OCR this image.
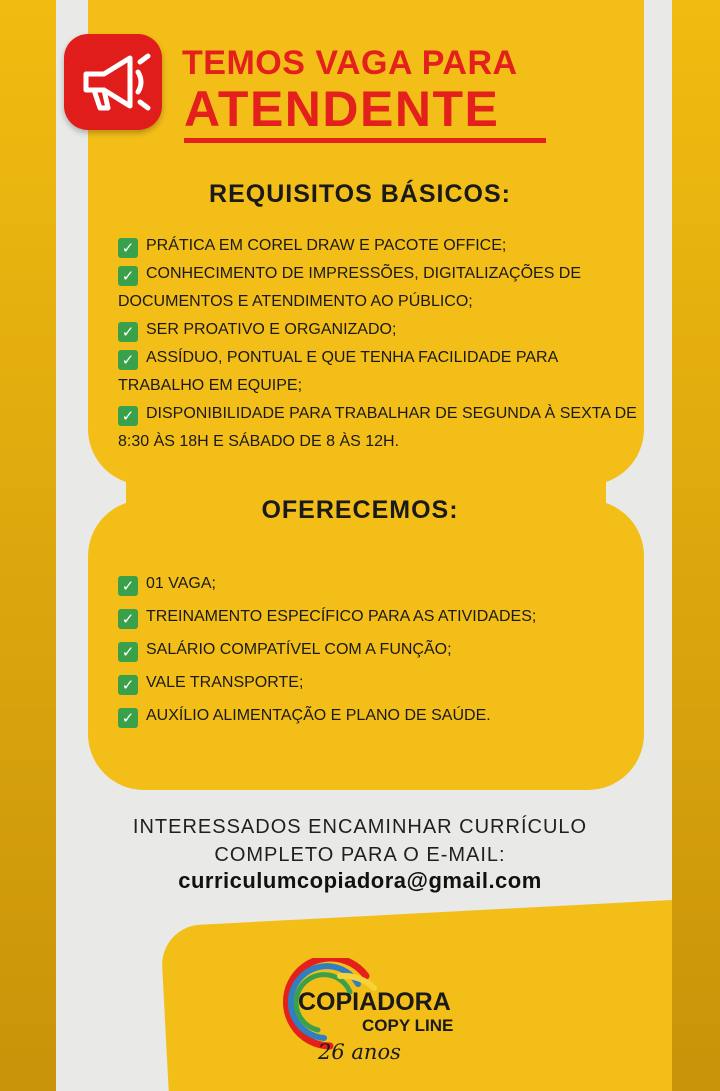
TEMOS VAGA PARA
ATENDENTE
REQUISITOS BÁSICOS:
✓ PRÁTICA EM COREL DRAW E PACOTE OFFICE;
✓ CONHECIMENTO DE IMPRESSÕES, DIGITALIZAÇÕES DE DOCUMENTOS E ATENDIMENTO AO PÚBLICO;
✓ SER PROATIVO E ORGANIZADO;
✓ ASSÍDUO, PONTUAL E QUE TENHA FACILIDADE PARA TRABALHO EM EQUIPE;
✓ DISPONIBILIDADE PARA TRABALHAR DE SEGUNDA À SEXTA DE 8:30 ÀS 18H E SÁBADO DE 8 ÀS 12H.
OFERECEMOS:
✓ 01 VAGA;
✓ TREINAMENTO ESPECÍFICO PARA AS ATIVIDADES;
✓ SALÁRIO COMPATÍVEL COM A FUNÇÃO;
✓ VALE TRANSPORTE;
✓ AUXÍLIO ALIMENTAÇÃO E PLANO DE SAÚDE.
INTERESSADOS ENCAMINHAR CURRÍCULO
COMPLETO PARA O E-MAIL:
curriculumcopiadora@gmail.com
COPIADORA
COPY LINE
26 anos
